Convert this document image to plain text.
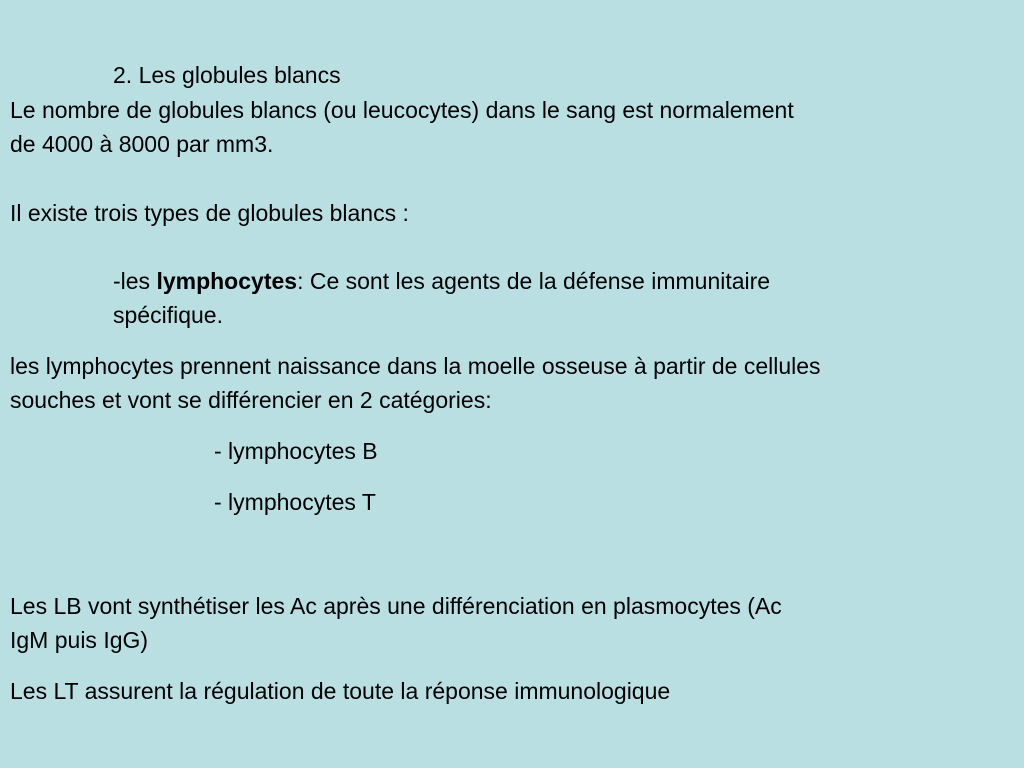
2. Les globules blancs
Le nombre de globules blancs (ou leucocytes) dans le sang est normalement
de 4000 à 8000 par mm3.
Il existe trois types de globules blancs :
-les lymphocytes: Ce sont les agents de la défense immunitaire
spécifique.
les lymphocytes prennent naissance dans la moelle osseuse à partir de cellules
souches et vont se différencier en 2 catégories:
- lymphocytes B
- lymphocytes T
Les LB vont synthétiser les Ac après une différenciation en plasmocytes (Ac
IgM puis IgG)
Les LT assurent la régulation de toute la réponse immunologique
